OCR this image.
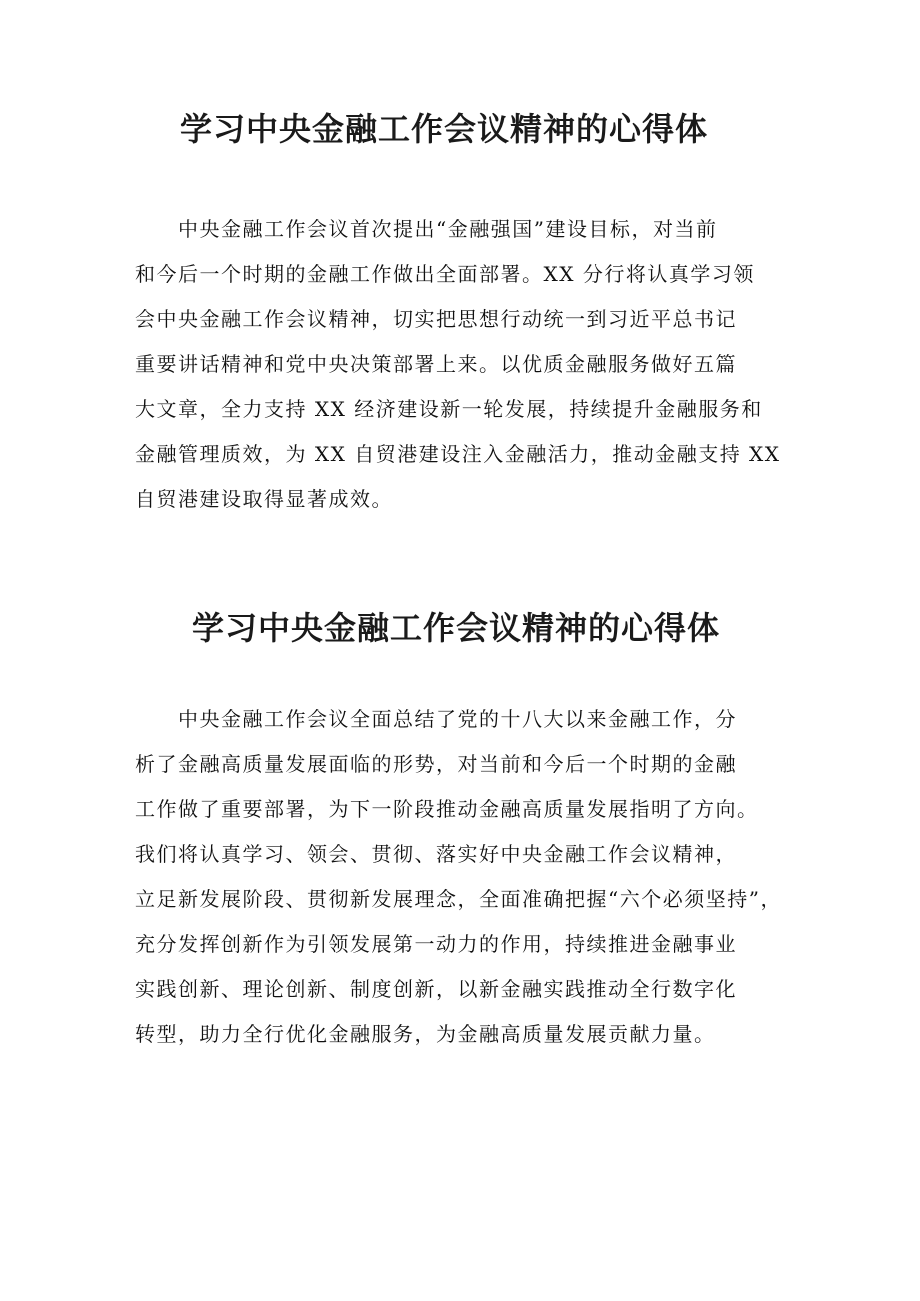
学习中央金融工作会议精神的心得体
　　中央金融工作会议首次提出“金融强国”建设目标，对当前
和今后一个时期的金融工作做出全面部署。XX 分行将认真学习领
会中央金融工作会议精神，切实把思想行动统一到习近平总书记
重要讲话精神和党中央决策部署上来。以优质金融服务做好五篇
大文章，全力支持 XX 经济建设新一轮发展，持续提升金融服务和
金融管理质效，为 XX 自贸港建设注入金融活力，推动金融支持 XX
自贸港建设取得显著成效。
学习中央金融工作会议精神的心得体
　　中央金融工作会议全面总结了党的十八大以来金融工作，分
析了金融高质量发展面临的形势，对当前和今后一个时期的金融
工作做了重要部署，为下一阶段推动金融高质量发展指明了方向。
我们将认真学习、领会、贯彻、落实好中央金融工作会议精神，
立足新发展阶段、贯彻新发展理念，全面准确把握“六个必须坚持”，
充分发挥创新作为引领发展第一动力的作用，持续推进金融事业
实践创新、理论创新、制度创新，以新金融实践推动全行数字化
转型，助力全行优化金融服务，为金融高质量发展贡献力量。
